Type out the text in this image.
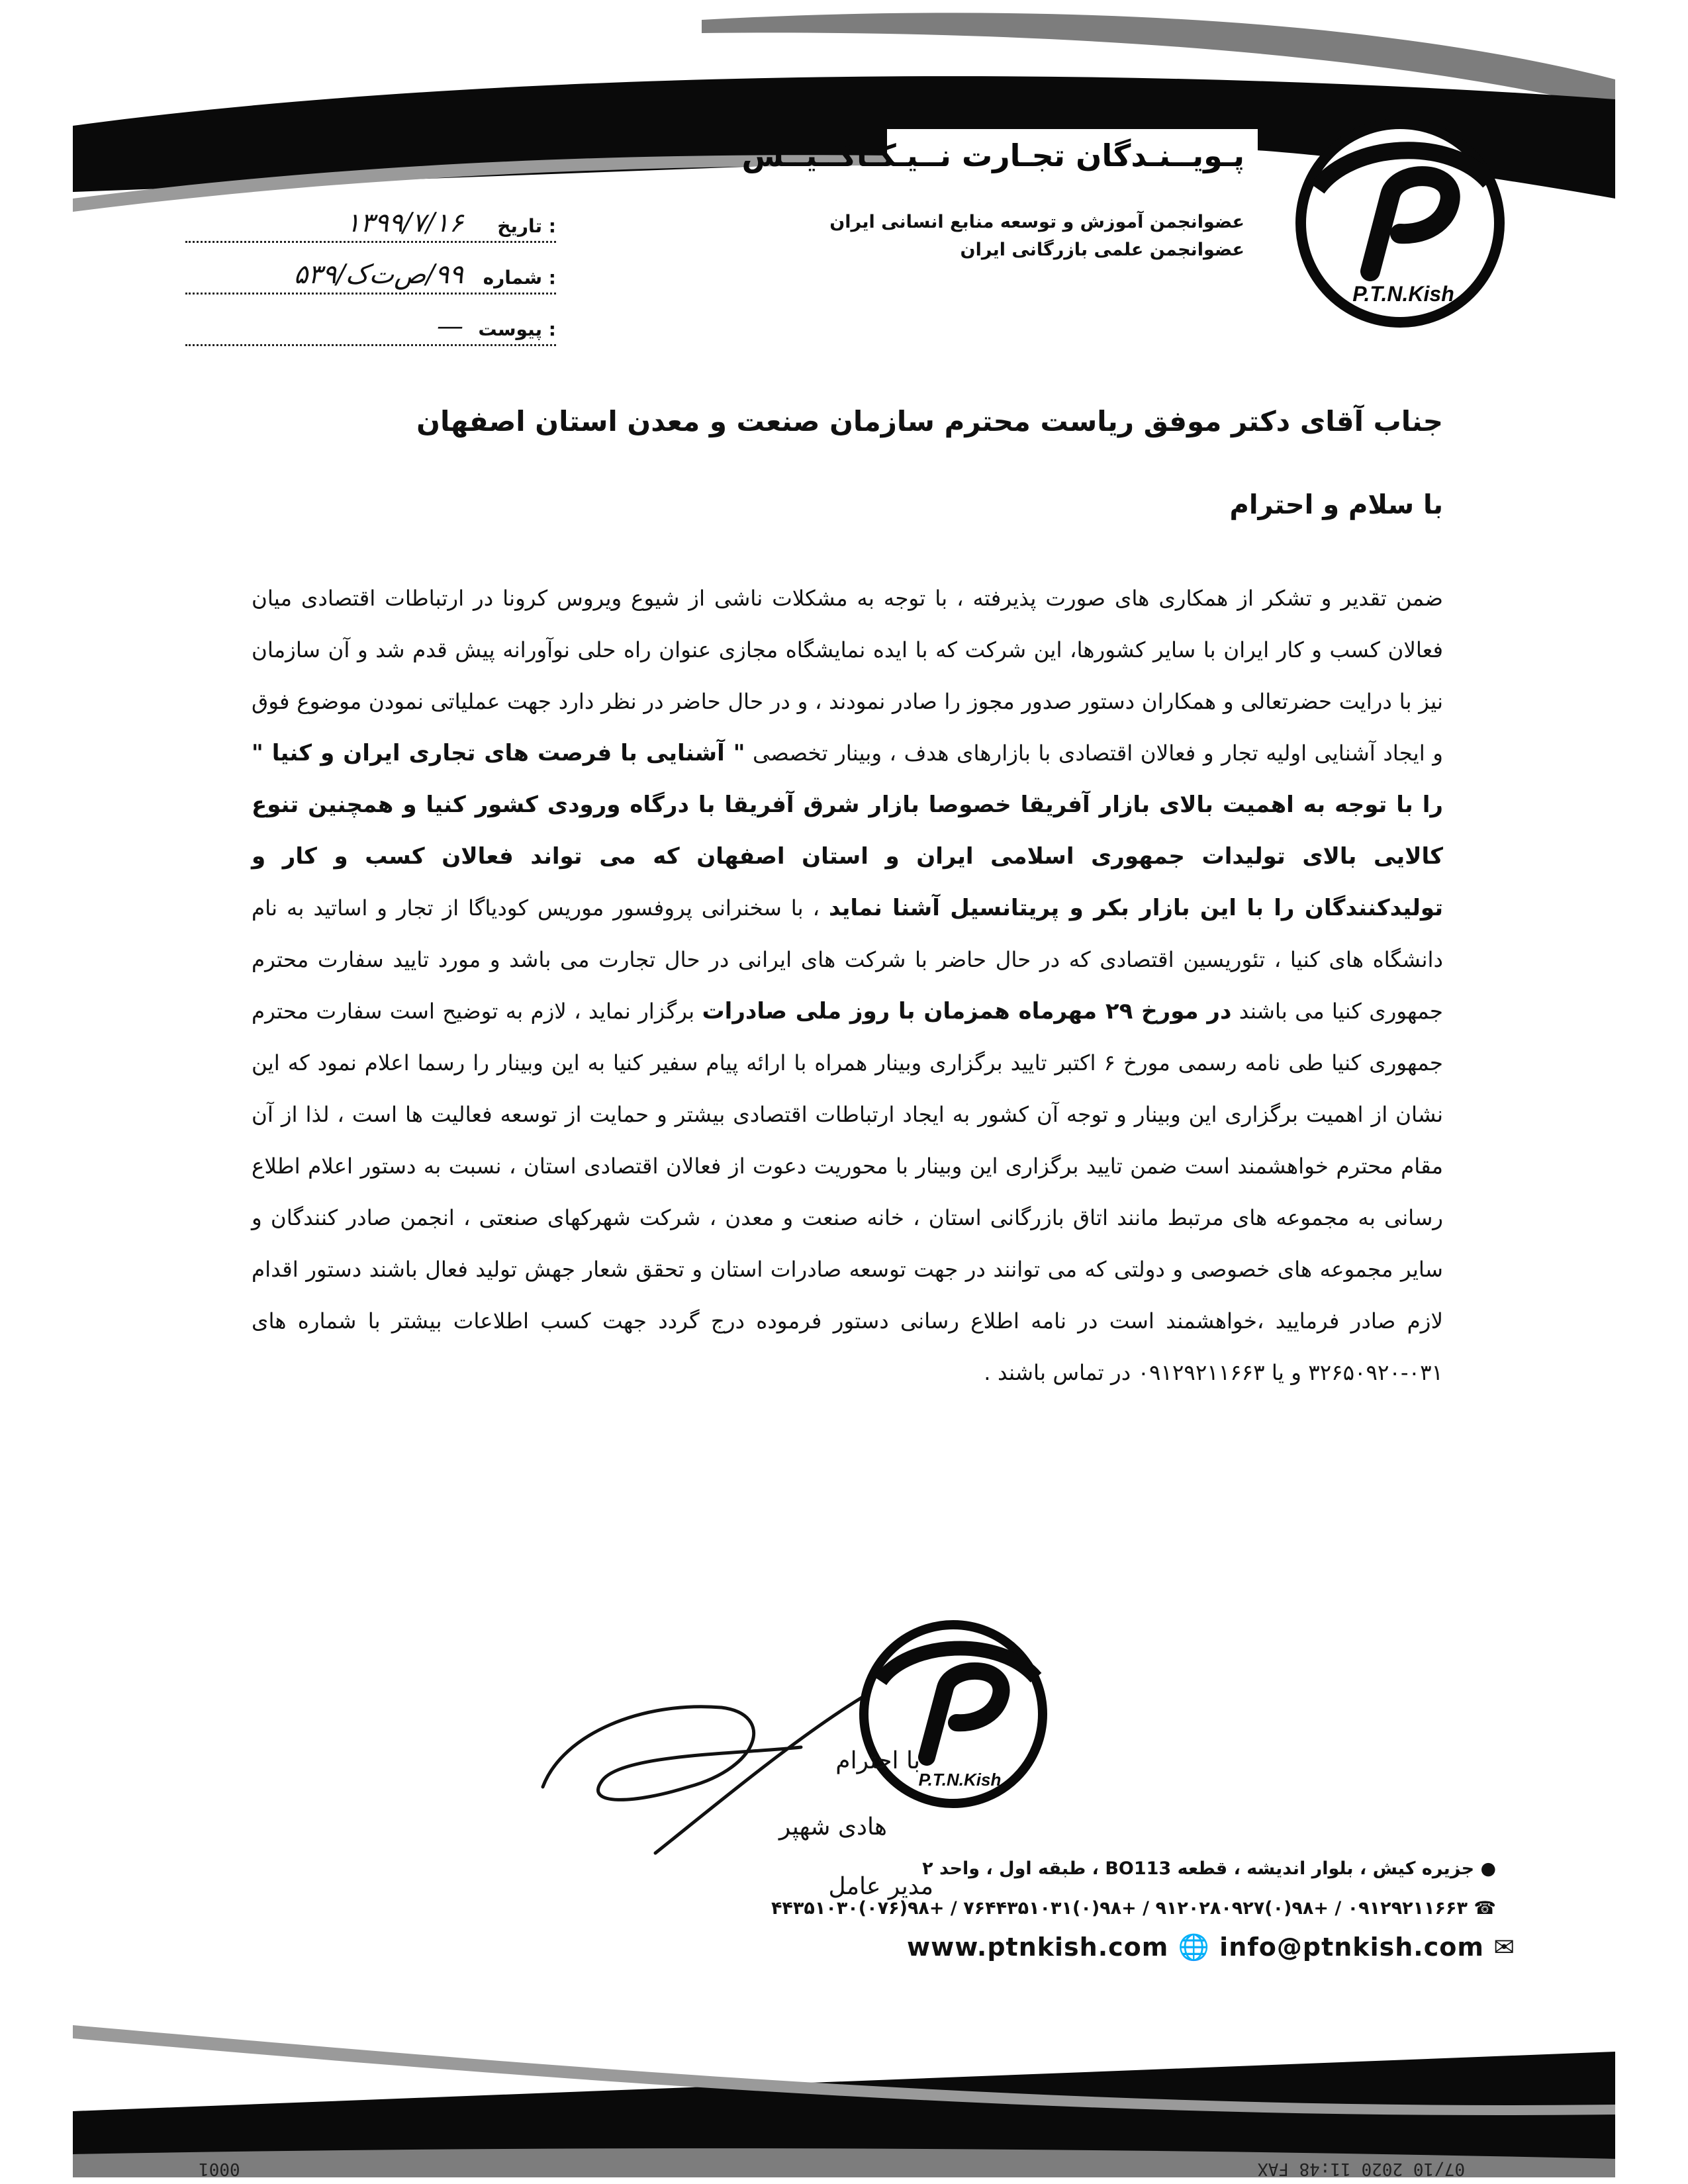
P.T.N.Kish
پـویــنـدگان تجـارت نــیـکـاکــیــش
عضوانجمن آموزش و توسعه منابع انسانی ایران
عضوانجمن علمی بازرگانی ایران
: تاریخ
۱۳۹۹/۷/۱۶
: شماره
۹۹/ص‌ت‌ک/۵۳۹
: پیوست
—
جناب آقای دکتر موفق ریاست محترم سازمان صنعت و معدن استان اصفهان
با سلام و احترام
ضمن تقدیر و تشکر از همکاری های صورت پذیرفته ، با توجه به مشکلات ناشی از شیوع ویروس کرونا در ارتباطات اقتصادی میان فعالان کسب و کار ایران با سایر کشورها، این شرکت که با ایده نمایشگاه مجازی عنوان راه حلی نوآورانه پیش قدم شد و آن سازمان نیز با درایت حضرتعالی و همکاران دستور صدور مجوز را صادر نمودند ، و در حال حاضر در نظر دارد جهت عملیاتی نمودن موضوع فوق و ایجاد آشنایی اولیه تجار و فعالان اقتصادی با بازارهای هدف ، وبینار تخصصی " آشنایی با فرصت های تجاری ایران و کنیا " را با توجه به اهمیت بالای بازار آفریقا خصوصا بازار شرق آفریقا با درگاه ورودی کشور کنیا و همچنین تنوع کالایی بالای تولیدات جمهوری اسلامی ایران و استان اصفهان که می تواند فعالان کسب و کار و تولیدکنندگان را با این بازار بکر و پریتانسیل آشنا نماید ، با سخنرانی پروفسور موریس کودیاگا از تجار و اساتید به نام دانشگاه های کنیا ، تئوریسین اقتصادی که در حال حاضر با شرکت های ایرانی در حال تجارت می باشد و مورد تایید سفارت محترم جمهوری کنیا می باشند در مورخ ۲۹ مهرماه همزمان با روز ملی صادرات برگزار نماید ، لازم به توضیح است سفارت محترم جمهوری کنیا طی نامه رسمی مورخ ۶ اکتبر تایید برگزاری وبینار همراه با ارائه پیام سفیر کنیا به این وبینار را رسما اعلام نمود که این نشان از اهمیت برگزاری این وبینار و توجه آن کشور به ایجاد ارتباطات اقتصادی بیشتر و حمایت از توسعه فعالیت ها است ، لذا از آن مقام محترم خواهشمند است ضمن تایید برگزاری این وبینار با محوریت دعوت از فعالان اقتصادی استان ، نسبت به دستور اعلام اطلاع رسانی به مجموعه های مرتبط مانند اتاق بازرگانی استان ، خانه صنعت و معدن ، شرکت شهرکهای صنعتی ، انجمن صادر کنندگان و سایر مجموعه های خصوصی و دولتی که می توانند در جهت توسعه صادرات استان و تحقق شعار جهش تولید فعال باشند دستور اقدام لازم صادر فرمایید ،خواهشمند است در نامه اطلاع رسانی دستور فرموده درج گردد جهت کسب اطلاعات بیشتر با شماره های ۰۳۱-۳۲۶۵۰۹۲۰ و یا ۰۹۱۲۹۲۱۱۶۶۳ در تماس باشند .
P.T.N.Kish
با احترام
هادی شهپر
مدیر عامل
● جزیره کیش ، بلوار اندیشه ، قطعه BO113 ، طبقه اول ، واحد ۲
☎ ۰۹۱۲۹۲۱۱۶۶۳ / +۹۸(۰)۹۱۲۰۲۸۰۹۲۷ / +۹۸(۰)۷۶۴۴۳۵۱۰۳۱ / +۹۸(۰۷۶)۴۴۳۵۱۰۳۰
www.ptnkish.com 🌐 info@ptnkish.com ✉
07/10 2020 11:48 FAX
0001
